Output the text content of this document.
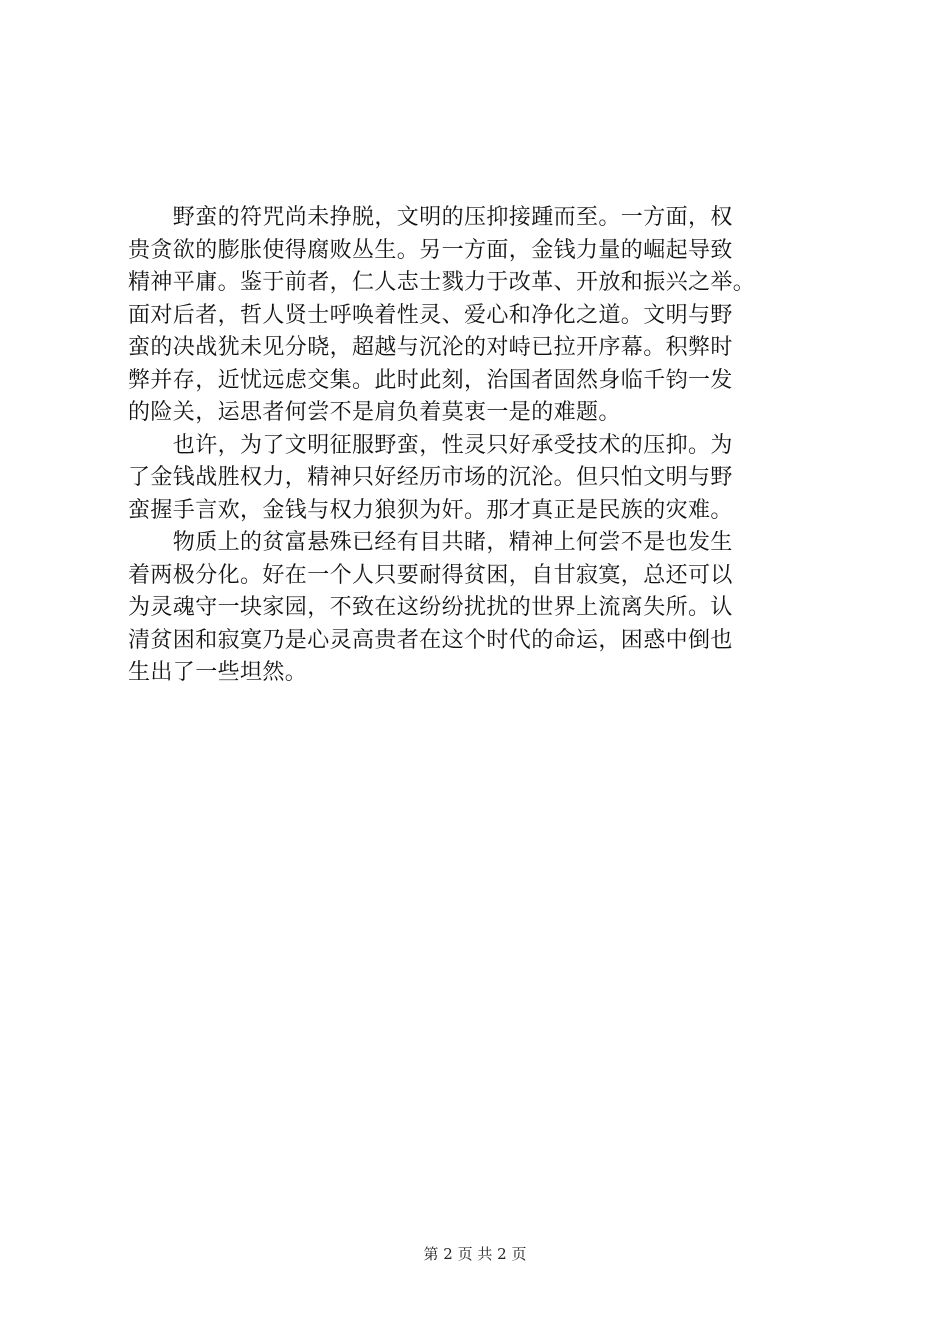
　　野蛮的符咒尚未挣脱，文明的压抑接踵而至。一方面，权
贵贪欲的膨胀使得腐败丛生。另一方面，金钱力量的崛起导致
精神平庸。鉴于前者，仁人志士戮力于改革、开放和振兴之举。
面对后者，哲人贤士呼唤着性灵、爱心和净化之道。文明与野
蛮的决战犹未见分晓，超越与沉沦的对峙已拉开序幕。积弊时
弊并存，近忧远虑交集。此时此刻，治国者固然身临千钧一发
的险关，运思者何尝不是肩负着莫衷一是的难题。
　　也许，为了文明征服野蛮，性灵只好承受技术的压抑。为
了金钱战胜权力，精神只好经历市场的沉沦。但只怕文明与野
蛮握手言欢，金钱与权力狼狈为奸。那才真正是民族的灾难。
　　物质上的贫富悬殊已经有目共睹，精神上何尝不是也发生
着两极分化。好在一个人只要耐得贫困，自甘寂寞，总还可以
为灵魂守一块家园，不致在这纷纷扰扰的世界上流离失所。认
清贫困和寂寞乃是心灵高贵者在这个时代的命运，困惑中倒也
生出了一些坦然。
第 2 页 共 2 页
